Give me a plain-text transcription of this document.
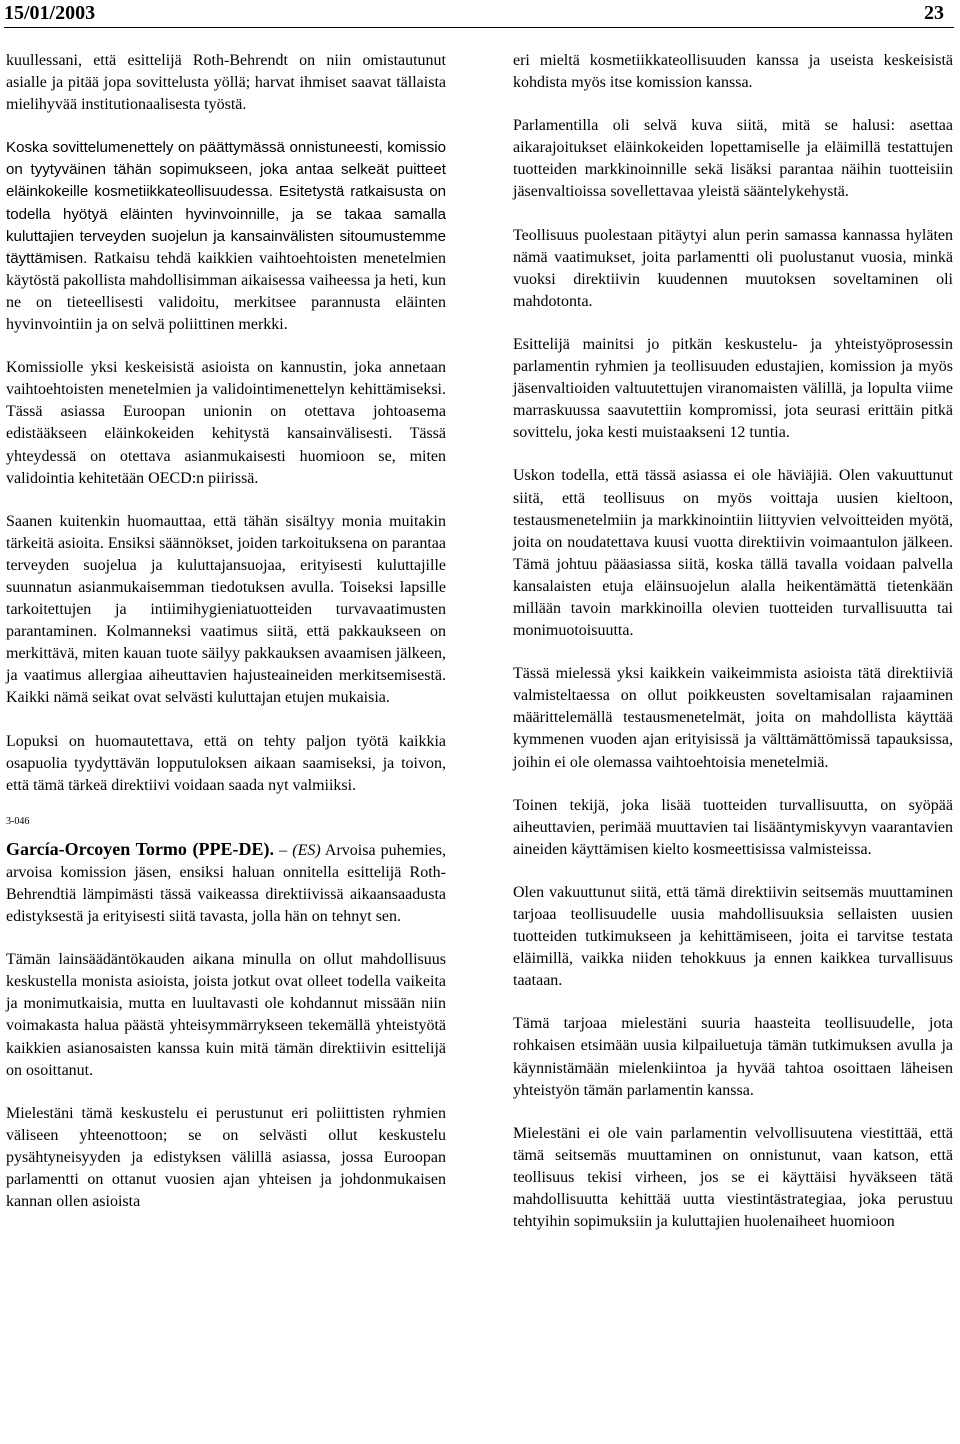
15/01/2003	23

kuullessani, että esittelijä Roth-Behrendt on niin omistautunut asialle ja pitää jopa sovittelusta yöllä; harvat ihmiset saavat tällaista mielihyvää institutionaalisesta työstä.

Koska sovittelumenettely on päättymässä onnistuneesti, komissio on tyytyväinen tähän sopimukseen, joka antaa selkeät puitteet eläinkokeille kosmetiikkateollisuudessa. Esitetystä ratkaisusta on todella hyötyä eläinten hyvinvoinnille, ja se takaa samalla kuluttajien terveyden suojelun ja kansainvälisten sitoumustemme täyttämisen. Ratkaisu tehdä kaikkien vaihtoehtoisten menetelmien käytöstä pakollista mahdollisimman aikaisessa vaiheessa ja heti, kun ne on tieteellisesti validoitu, merkitsee parannusta eläinten hyvinvointiin ja on selvä poliittinen merkki.

Komissiolle yksi keskeisistä asioista on kannustin, joka annetaan vaihtoehtoisten menetelmien ja validointimenettelyn kehittämiseksi. Tässä asiassa Euroopan unionin on otettava johtoasema edistääkseen eläinkokeiden kehitystä kansainvälisesti. Tässä yhteydessä on otettava asianmukaisesti huomioon se, miten validointia kehitetään OECD:n piirissä.

Saanen kuitenkin huomauttaa, että tähän sisältyy monia muitakin tärkeitä asioita. Ensiksi säännökset, joiden tarkoituksena on parantaa terveyden suojelua ja kuluttajansuojaa, erityisesti kuluttajille suunnatun asianmukaisemman tiedotuksen avulla. Toiseksi lapsille tarkoitettujen ja intiimihygieniatuotteiden turvavaatimusten parantaminen. Kolmanneksi vaatimus siitä, että pakkaukseen on merkittävä, miten kauan tuote säilyy pakkauksen avaamisen jälkeen, ja vaatimus allergiaa aiheuttavien hajusteaineiden merkitsemisestä. Kaikki nämä seikat ovat selvästi kuluttajan etujen mukaisia.

Lopuksi on huomautettava, että on tehty paljon työtä kaikkia osapuolia tyydyttävän lopputuloksen aikaan saamiseksi, ja toivon, että tämä tärkeä direktiivi voidaan saada nyt valmiiksi.

3-046

García-Orcoyen Tormo (PPE-DE). – (ES) Arvoisa puhemies, arvoisa komission jäsen, ensiksi haluan onnitella esittelijä Roth-Behrendtiä lämpimästi tässä vaikeassa direktiivissä aikaansaadusta edistyksestä ja erityisesti siitä tavasta, jolla hän on tehnyt sen.

Tämän lainsäädäntökauden aikana minulla on ollut mahdollisuus keskustella monista asioista, joista jotkut ovat olleet todella vaikeita ja monimutkaisia, mutta en luultavasti ole kohdannut missään niin voimakasta halua päästä yhteisymmärrykseen tekemällä yhteistyötä kaikkien asianosaisten kanssa kuin mitä tämän direktiivin esittelijä on osoittanut.

Mielestäni tämä keskustelu ei perustunut eri poliittisten ryhmien väliseen yhteenottoon; se on selvästi ollut keskustelu pysähtyneisyyden ja edistyksen välillä asiassa, jossa Euroopan parlamentti on ottanut vuosien ajan yhteisen ja johdonmukaisen kannan ollen asioista

eri mieltä kosmetiikkateollisuuden kanssa ja useista keskeisistä kohdista myös itse komission kanssa.

Parlamentilla oli selvä kuva siitä, mitä se halusi: asettaa aikarajoitukset eläinkokeiden lopettamiselle ja eläimillä testattujen tuotteiden markkinoinnille sekä lisäksi parantaa näihin tuotteisiin jäsenvaltioissa sovellettavaa yleistä sääntelykehystä.

Teollisuus puolestaan pitäytyi alun perin samassa kannassa hyläten nämä vaatimukset, joita parlamentti oli puolustanut vuosia, minkä vuoksi direktiivin kuudennen muutoksen soveltaminen oli mahdotonta.

Esittelijä mainitsi jo pitkän keskustelu- ja yhteistyöprosessin parlamentin ryhmien ja teollisuuden edustajien, komission ja myös jäsenvaltioiden valtuutettujen viranomaisten välillä, ja lopulta viime marraskuussa saavutettiin kompromissi, jota seurasi erittäin pitkä sovittelu, joka kesti muistaakseni 12 tuntia.

Uskon todella, että tässä asiassa ei ole häviäjiä. Olen vakuuttunut siitä, että teollisuus on myös voittaja uusien kieltoon, testausmenetelmiin ja markkinointiin liittyvien velvoitteiden myötä, joita on noudatettava kuusi vuotta direktiivin voimaantulon jälkeen. Tämä johtuu pääasiassa siitä, koska tällä tavalla voidaan palvella kansalaisten etuja eläinsuojelun alalla heikentämättä tietenkään millään tavoin markkinoilla olevien tuotteiden turvallisuutta tai monimuotoisuutta.

Tässä mielessä yksi kaikkein vaikeimmista asioista tätä direktiiviä valmisteltaessa on ollut poikkeusten soveltamisalan rajaaminen määrittelemällä testausmenetelmät, joita on mahdollista käyttää kymmenen vuoden ajan erityisissä ja välttämättömissä tapauksissa, joihin ei ole olemassa vaihtoehtoisia menetelmiä.

Toinen tekijä, joka lisää tuotteiden turvallisuutta, on syöpää aiheuttavien, perimää muuttavien tai lisääntymiskyvyn vaarantavien aineiden käyttämisen kielto kosmeettisissa valmisteissa.

Olen vakuuttunut siitä, että tämä direktiivin seitsemäs muuttaminen tarjoaa teollisuudelle uusia mahdollisuuksia sellaisten uusien tuotteiden tutkimukseen ja kehittämiseen, joita ei tarvitse testata eläimillä, vaikka niiden tehokkuus ja ennen kaikkea turvallisuus taataan.

Tämä tarjoaa mielestäni suuria haasteita teollisuudelle, jota rohkaisen etsimään uusia kilpailuetuja tämän tutkimuksen avulla ja käynnistämään mielenkiintoa ja hyvää tahtoa osoittaen läheisen yhteistyön tämän parlamentin kanssa.

Mielestäni ei ole vain parlamentin velvollisuutena viestittää, että tämä seitsemäs muuttaminen on onnistunut, vaan katson, että teollisuus tekisi virheen, jos se ei käyttäisi hyväkseen tätä mahdollisuutta kehittää uutta viestintästrategiaa, joka perustuu tehtyihin sopimuksiin ja kuluttajien huolenaiheet huomioon
